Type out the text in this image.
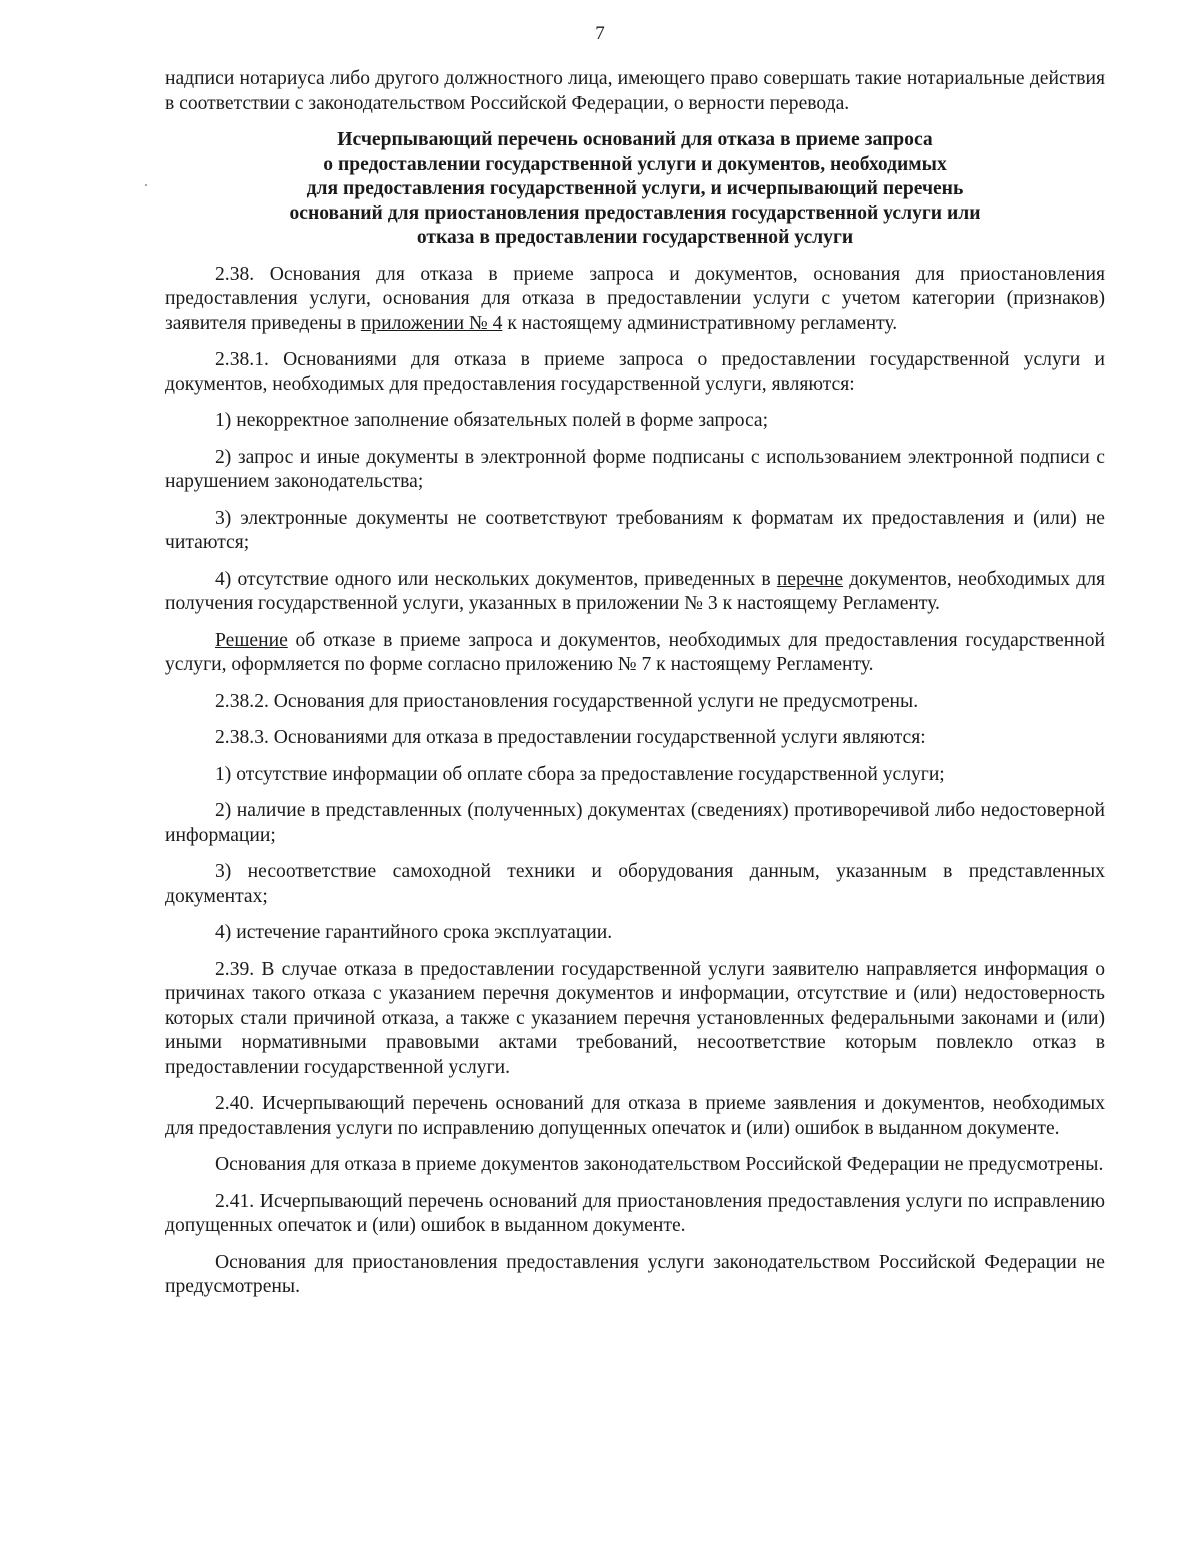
7

надписи нотариуса либо другого должностного лица, имеющего право совершать такие нотариальные действия в соответствии с законодательством Российской Федерации, о верности перевода.

Исчерпывающий перечень оснований для отказа в приеме запроса
о предоставлении государственной услуги и документов, необходимых
для предоставления государственной услуги, и исчерпывающий перечень
оснований для приостановления предоставления государственной услуги или
отказа в предоставлении государственной услуги

2.38. Основания для отказа в приеме запроса и документов, основания для приостановления предоставления услуги, основания для отказа в предоставлении услуги с учетом категории (признаков) заявителя приведены в приложении № 4 к настоящему административному регламенту.

2.38.1. Основаниями для отказа в приеме запроса о предоставлении государственной услуги и документов, необходимых для предоставления государственной услуги, являются:

1) некорректное заполнение обязательных полей в форме запроса;

2) запрос и иные документы в электронной форме подписаны с использованием электронной подписи с нарушением законодательства;

3) электронные документы не соответствуют требованиям к форматам их предоставления и (или) не читаются;

4) отсутствие одного или нескольких документов, приведенных в перечне документов, необходимых для получения государственной услуги, указанных в приложении № 3 к настоящему Регламенту.

Решение об отказе в приеме запроса и документов, необходимых для предоставления государственной услуги, оформляется по форме согласно приложению № 7 к настоящему Регламенту.

2.38.2. Основания для приостановления государственной услуги не предусмотрены.

2.38.3. Основаниями для отказа в предоставлении государственной услуги являются:

1) отсутствие информации об оплате сбора за предоставление государственной услуги;

2) наличие в представленных (полученных) документах (сведениях) противоречивой либо недостоверной информации;

3) несоответствие самоходной техники и оборудования данным, указанным в представленных документах;

4) истечение гарантийного срока эксплуатации.

2.39. В случае отказа в предоставлении государственной услуги заявителю направляется информация о причинах такого отказа с указанием перечня документов и информации, отсутствие и (или) недостоверность которых стали причиной отказа, а также с указанием перечня установленных федеральными законами и (или) иными нормативными правовыми актами требований, несоответствие которым повлекло отказ в предоставлении государственной услуги.

2.40. Исчерпывающий перечень оснований для отказа в приеме заявления и документов, необходимых для предоставления услуги по исправлению допущенных опечаток и (или) ошибок в выданном документе.

Основания для отказа в приеме документов законодательством Российской Федерации не предусмотрены.

2.41. Исчерпывающий перечень оснований для приостановления предоставления услуги по исправлению допущенных опечаток и (или) ошибок в выданном документе.

Основания для приостановления предоставления услуги законодательством Российской Федерации не предусмотрены.
